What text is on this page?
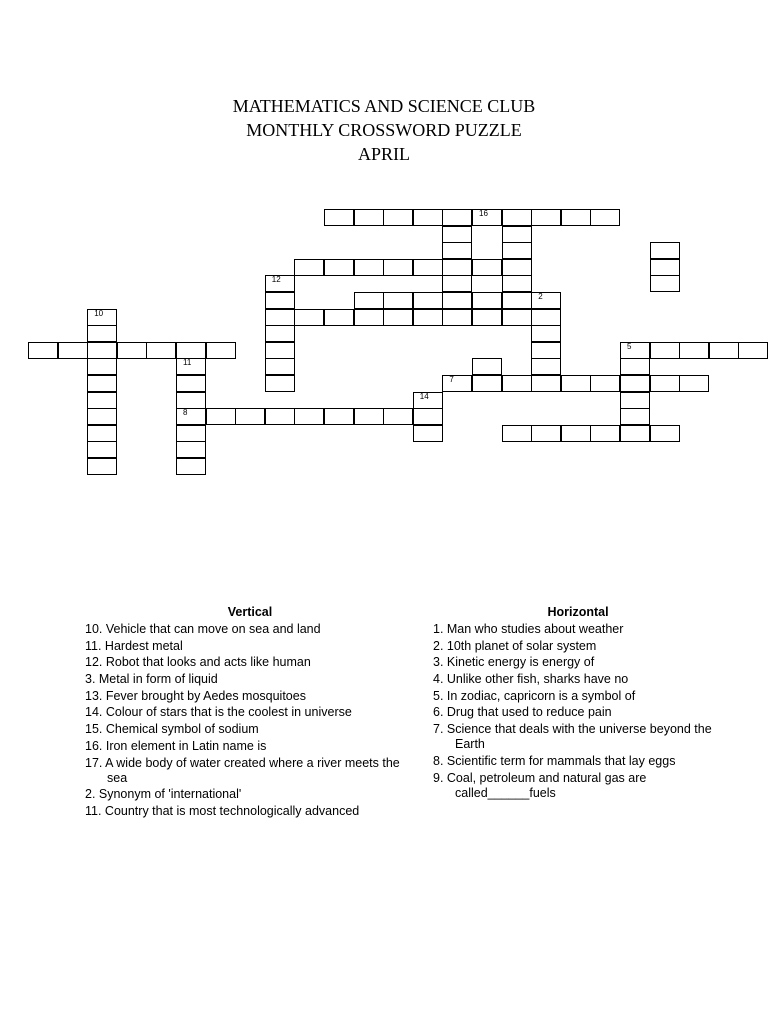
MATHEMATICS AND SCIENCE CLUB
MONTHLY CROSSWORD PUZZLE
APRIL
16
2
7
8
10
11
12
14
5
Vertical
10. Vehicle that can move on sea and land
11. Hardest metal
12. Robot that looks and acts like human
3. Metal in form of liquid
13. Fever brought by Aedes mosquitoes
14. Colour of stars that is the coolest in universe
15. Chemical symbol of sodium
16. Iron element in Latin name is
17. A wide body of water created where a river meets the sea
2. Synonym of 'international'
11. Country that is most technologically advanced
Horizontal
1. Man who studies about weather
2. 10th planet of solar system
3. Kinetic energy is energy of
4. Unlike other fish, sharks have no
5. In zodiac, capricorn is a symbol of
6. Drug that used to reduce pain
7. Science that deals with the universe beyond the Earth
8. Scientific term for mammals that lay eggs
9. Coal, petroleum and natural gas are called______fuels
